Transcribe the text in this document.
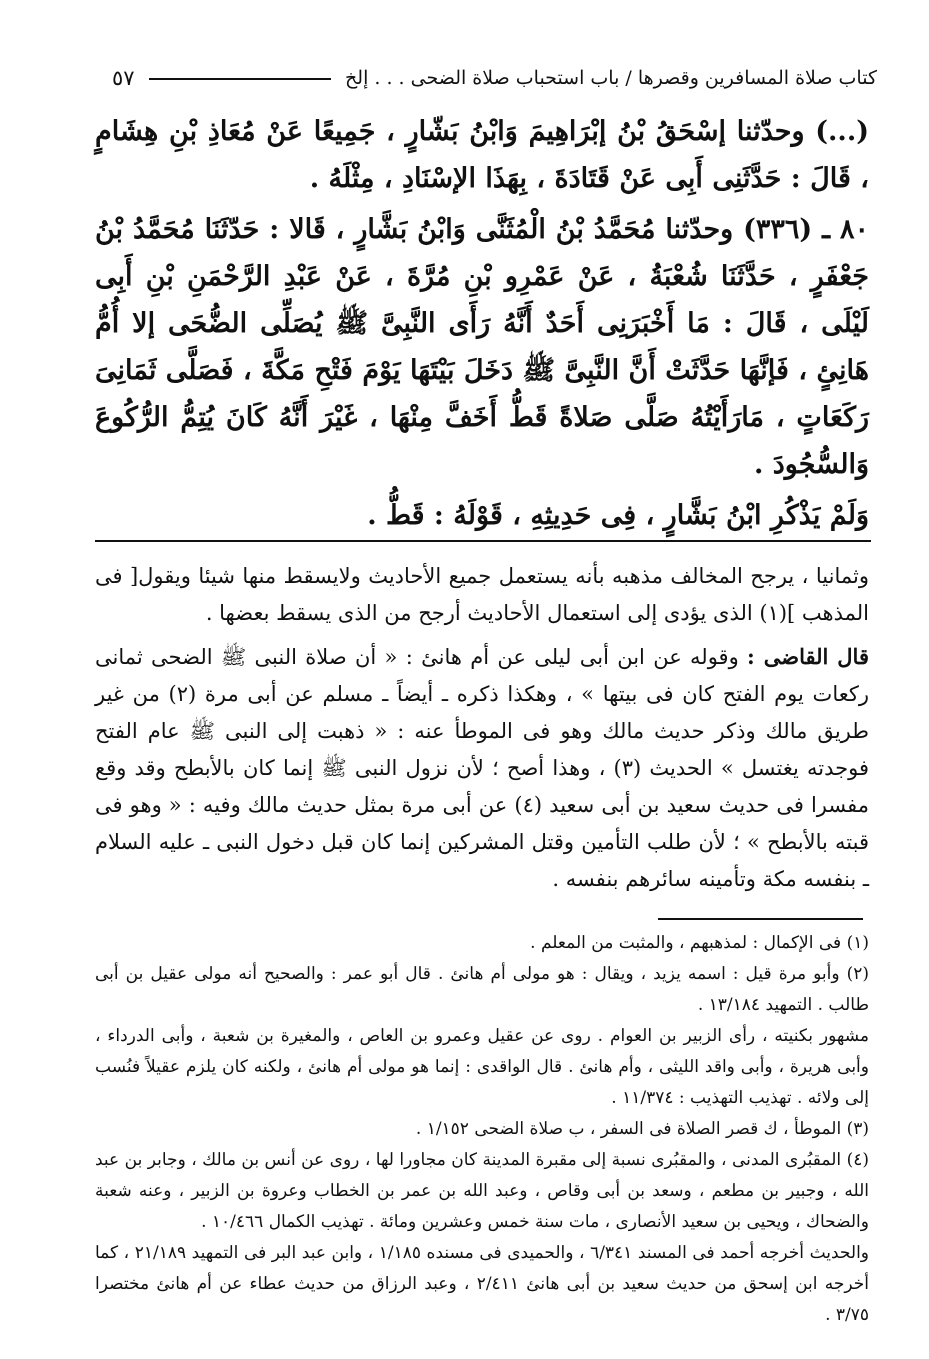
كتاب صلاة المسافرين وقصرها / باب استحباب صلاة الضحى . . . إلخ
٥٧

(...) وحدّثنا إسْحَقُ بْنُ إبْرَاهِيمَ وَابْنُ بَشّارٍ ، جَمِيعًا عَنْ مُعَاذِ بْنِ هِشَامٍ ، قَالَ : حَدَّثَنِى أَبِى عَنْ قَتَادَةَ ، بِهَذَا الإسْنَادِ ، مِثْلَهُ .

٨٠ ـ (٣٣٦) وحدّثنا مُحَمَّدُ بْنُ الْمُثَنَّى وَابْنُ بَشَّارٍ ، قَالا : حَدّثَنَا مُحَمَّدُ بْنُ جَعْفَرٍ ، حَدَّثَنَا شُعْبَةُ ، عَنْ عَمْرِو بْنِ مُرَّةَ ، عَنْ عَبْدِ الرَّحْمَنِ بْنِ أَبِى لَيْلَى ، قَالَ : مَا أَخْبَرَنِى أَحَدٌ أَنَّهُ رَأَى النَّبِىَّ ﷺ يُصَلِّى الضُّحَى إلا أُمُّ هَانِئٍ ، فَإنَّهَا حَدَّثَتْ أَنَّ النَّبِىَّ ﷺ دَخَلَ بَيْتَهَا يَوْمَ فَتْحِ مَكَّةَ ، فَصَلَّى ثَمَانِىَ رَكَعَاتٍ ، مَارَأَيْتُهُ صَلَّى صَلاةً قَطُّ أَخَفَّ مِنْهَا ، غَيْرَ أَنَّهُ كَانَ يُتِمُّ الرُّكُوعَ وَالسُّجُودَ .

وَلَمْ يَذْكُرِ ابْنُ بَشَّارٍ ، فِى حَدِيثِهِ ، قَوْلَهُ : قَطُّ .

وثمانيا ، يرجح المخالف مذهبه بأنه يستعمل جميع الأحاديث ولايسقط منها شيئا ويقول[ فى المذهب ](١) الذى يؤدى إلى استعمال الأحاديث أرجح من الذى يسقط بعضها .

قال القاضى : وقوله عن ابن أبى ليلى عن أم هانئ : « أن صلاة النبى ﷺ الضحى ثمانى ركعات يوم الفتح كان فى بيتها » ، وهكذا ذكره ـ أيضاً ـ مسلم عن أبى مرة (٢) من غير طريق مالك وذكر حديث مالك وهو فى الموطأ عنه : « ذهبت إلى النبى ﷺ عام الفتح فوجدته يغتسل » الحديث (٣) ، وهذا أصح ؛ لأن نزول النبى ﷺ إنما كان بالأبطح وقد وقع مفسرا فى حديث سعيد بن أبى سعيد (٤) عن أبى مرة بمثل حديث مالك وفيه : « وهو فى قبته بالأبطح » ؛ لأن طلب التأمين وقتل المشركين إنما كان قبل دخول النبى ـ عليه السلام ـ بنفسه مكة وتأمينه سائرهم بنفسه .

(١) فى الإكمال : لمذهبهم ، والمثبت من المعلم .

(٢) وأبو مرة قيل : اسمه يزيد ، ويقال : هو مولى أم هانئ . قال أبو عمر : والصحيح أنه مولى عقيل بن أبى طالب . التمهيد ١٣/١٨٤ .

مشهور بكنيته ، رأى الزبير بن العوام . روى عن عقيل وعمرو بن العاص ، والمغيرة بن شعبة ، وأبى الدرداء ، وأبى هريرة ، وأبى واقد الليثى ، وأم هانئ . قال الواقدى : إنما هو مولى أم هانئ ، ولكنه كان يلزم عقيلاً فنُسب إلى ولائه . تهذيب التهذيب : ١١/٣٧٤ .

(٣) الموطأ ، ك قصر الصلاة فى السفر ، ب صلاة الضحى ١/١٥٢ .

(٤) المقبُرى المدنى ، والمقبُرى نسبة إلى مقبرة المدينة كان مجاورا لها ، روى عن أنس بن مالك ، وجابر بن عبد الله ، وجبير بن مطعم ، وسعد بن أبى وقاص ، وعبد الله بن عمر بن الخطاب وعروة بن الزبير ، وعنه شعبة والضحاك ، ويحيى بن سعيد الأنصارى ، مات سنة خمس وعشرين ومائة . تهذيب الكمال ١٠/٤٦٦ .

والحديث أخرجه أحمد فى المسند ٦/٣٤١ ، والحميدى فى مسنده ١/١٨٥ ، وابن عبد البر فى التمهيد ٢١/١٨٩ ، كما أخرجه ابن إسحق من حديث سعيد بن أبى هانئ ٢/٤١١ ، وعبد الرزاق من حديث عطاء عن أم هانئ مختصرا ٣/٧٥ .
